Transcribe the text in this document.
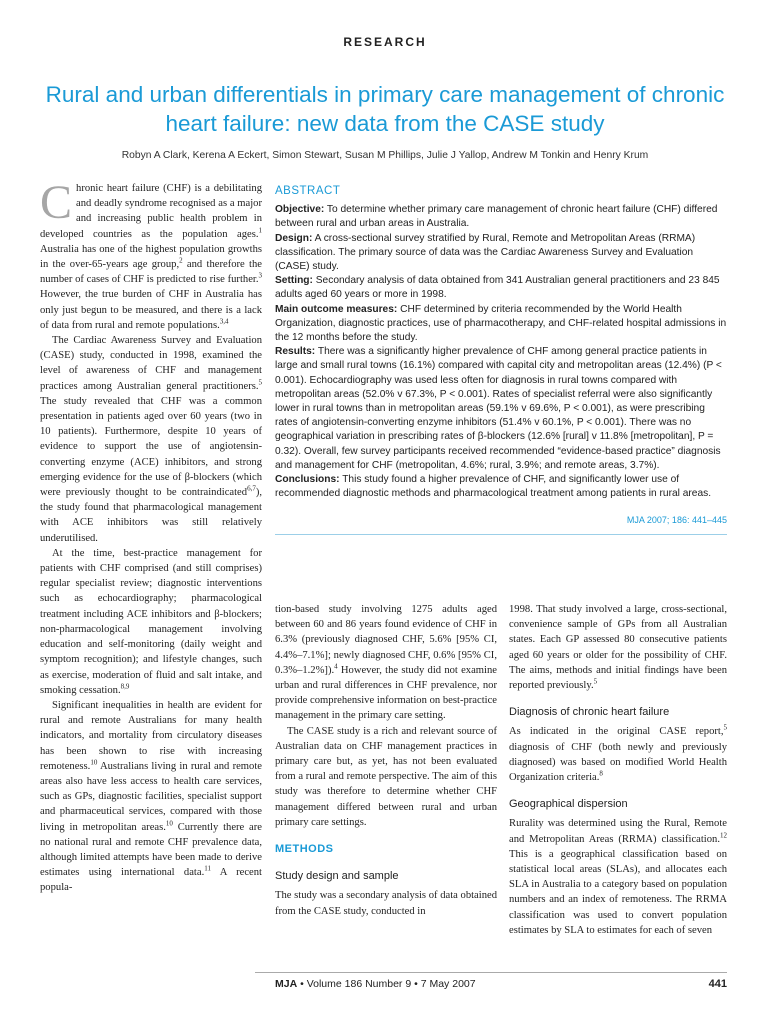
RESEARCH
Rural and urban differentials in primary care management of chronic heart failure: new data from the CASE study
Robyn A Clark, Kerena A Eckert, Simon Stewart, Susan M Phillips, Julie J Yallop, Andrew M Tonkin and Henry Krum

Chronic heart failure (CHF) is a debilitating and deadly syndrome recognised as a major and increasing public health problem in developed countries as the population ages.$^1$ Australia has one of the highest population growths in the over-65-years age group,$^2$ and therefore the number of cases of CHF is predicted to rise further.$^3$ However, the true burden of CHF in Australia has only just begun to be measured, and there is a lack of data from rural and remote populations.$^{3,4}$

The Cardiac Awareness Survey and Evaluation (CASE) study, conducted in 1998, examined the level of awareness of CHF and management practices among Australian general practitioners.$^5$ The study revealed that CHF was a common presentation in patients aged over 60 years (two in 10 patients). Furthermore, despite 10 years of evidence to support the use of angiotensin-converting enzyme (ACE) inhibitors, and strong emerging evidence for the use of β-blockers (which were previously thought to be contraindicated$^{6,7}$), the study found that pharmacological management with ACE inhibitors was still relatively underutilised.

At the time, best-practice management for patients with CHF comprised (and still comprises) regular specialist review; diagnostic interventions such as echocardiography; pharmacological treatment including ACE inhibitors and β-blockers; non-pharmacological management involving education and self-monitoring (daily weight and symptom recognition); and lifestyle changes, such as exercise, moderation of fluid and salt intake, and smoking cessation.$^{8,9}$

Significant inequalities in health are evident for rural and remote Australians for many health indicators, and mortality from circulatory diseases has been shown to rise with increasing remoteness.$^{10}$ Australians living in rural and remote areas also have less access to health care services, such as GPs, diagnostic facilities, specialist support and pharmaceutical services, compared with those living in metropolitan areas.$^{10}$ Currently there are no national rural and remote CHF prevalence data, although limited attempts have been made to derive estimates using international data.$^{11}$ A recent popula-

ABSTRACT

Objective: To determine whether primary care management of chronic heart failure (CHF) differed between rural and urban areas in Australia.

Design: A cross-sectional survey stratified by Rural, Remote and Metropolitan Areas (RRMA) classification. The primary source of data was the Cardiac Awareness Survey and Evaluation (CASE) study.

Setting: Secondary analysis of data obtained from 341 Australian general practitioners and 23 845 adults aged 60 years or more in 1998.

Main outcome measures: CHF determined by criteria recommended by the World Health Organization, diagnostic practices, use of pharmacotherapy, and CHF-related hospital admissions in the 12 months before the study.

Results: There was a significantly higher prevalence of CHF among general practice patients in large and small rural towns (16.1%) compared with capital city and metropolitan areas (12.4%) (P < 0.001). Echocardiography was used less often for diagnosis in rural towns compared with metropolitan areas (52.0% v 67.3%, P < 0.001). Rates of specialist referral were also significantly lower in rural towns than in metropolitan areas (59.1% v 69.6%, P < 0.001), as were prescribing rates of angiotensin-converting enzyme inhibitors (51.4% v 60.1%, P < 0.001). There was no geographical variation in prescribing rates of β-blockers (12.6% [rural] v 11.8% [metropolitan], P = 0.32). Overall, few survey participants received recommended “evidence-based practice” diagnosis and management for CHF (metropolitan, 4.6%; rural, 3.9%; and remote areas, 3.7%).

Conclusions: This study found a higher prevalence of CHF, and significantly lower use of recommended diagnostic methods and pharmacological treatment among patients in rural areas.

MJA 2007; 186: 441–445

tion-based study involving 1275 adults aged between 60 and 86 years found evidence of CHF in 6.3% (previously diagnosed CHF, 5.6% [95% CI, 4.4%–7.1%]; newly diagnosed CHF, 0.6% [95% CI, 0.3%–1.2%]).$^4$ However, the study did not examine urban and rural differences in CHF prevalence, nor provide comprehensive information on best-practice management in the primary care setting.

The CASE study is a rich and relevant source of Australian data on CHF management practices in primary care but, as yet, has not been evaluated from a rural and remote perspective. The aim of this study was therefore to determine whether CHF management differed between rural and urban primary care settings.

METHODS
Study design and sample

The study was a secondary analysis of data obtained from the CASE study, conducted in

1998. That study involved a large, cross-sectional, convenience sample of GPs from all Australian states. Each GP assessed 80 consecutive patients aged 60 years or older for the possibility of CHF. The aims, methods and initial findings have been reported previously.$^5$

Diagnosis of chronic heart failure

As indicated in the original CASE report,$^5$ diagnosis of CHF (both newly and previously diagnosed) was based on modified World Health Organization criteria.$^8$

Geographical dispersion

Rurality was determined using the Rural, Remote and Metropolitan Areas (RRMA) classification.$^{12}$ This is a geographical classification based on statistical local areas (SLAs), and allocates each SLA in Australia to a category based on population numbers and an index of remoteness. The RRMA classification was used to convert population estimates by SLA to estimates for each of seven

MJA • Volume 186 Number 9 • 7 May 2007	441
